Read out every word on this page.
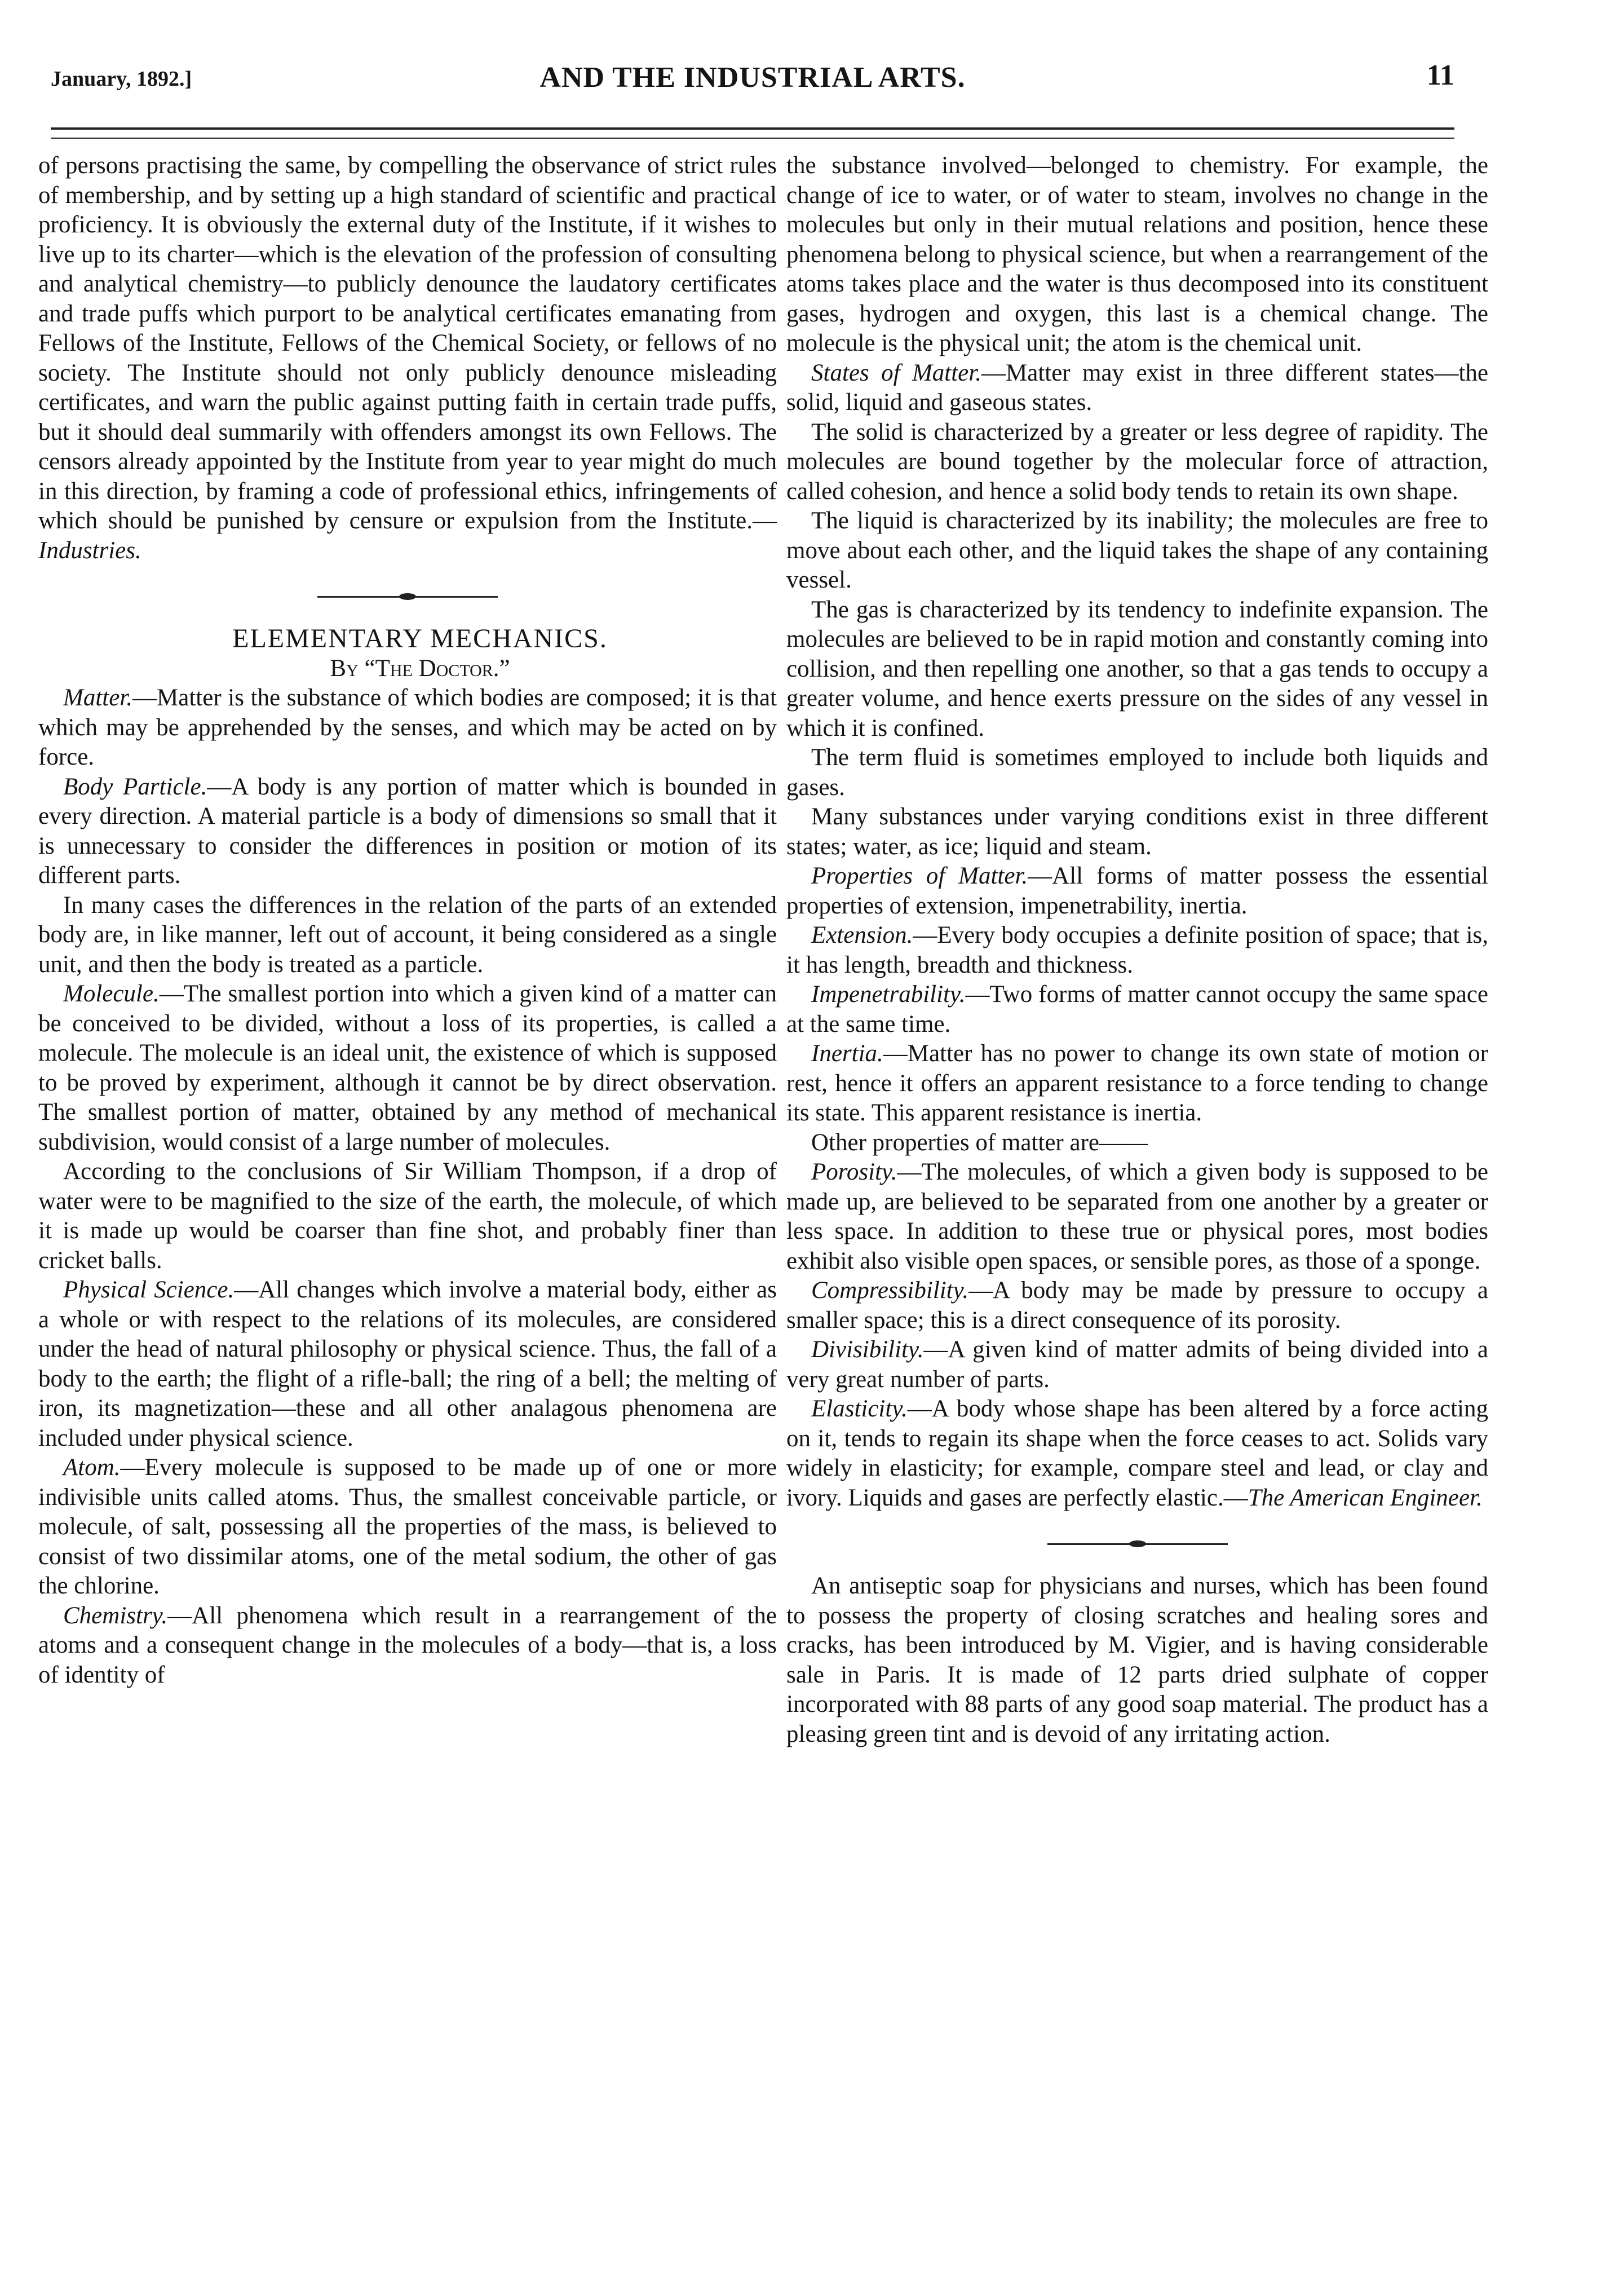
January, 1892.]	AND THE INDUSTRIAL ARTS.	11

of persons practising the same, by compelling the observance of strict rules of membership, and by setting up a high standard of scientific and practical proficiency. It is obviously the external duty of the Institute, if it wishes to live up to its charter—which is the elevation of the profession of consulting and analytical chemistry—to publicly denounce the laudatory certificates and trade puffs which purport to be analytical certificates emanating from Fellows of the Institute, Fellows of the Chemical Society, or fellows of no society. The Institute should not only publicly denounce misleading certificates, and warn the public against putting faith in certain trade puffs, but it should deal summarily with offenders amongst its own Fellows. The censors already appointed by the Institute from year to year might do much in this direction, by framing a code of professional ethics, infringements of which should be punished by censure or expulsion from the Institute.—Industries.

ELEMENTARY MECHANICS.

By “The Doctor.”

Matter.—Matter is the substance of which bodies are composed; it is that which may be apprehended by the senses, and which may be acted on by force.

Body Particle.—A body is any portion of matter which is bounded in every direction. A material particle is a body of dimensions so small that it is unnecessary to consider the differences in position or motion of its different parts.

In many cases the differences in the relation of the parts of an extended body are, in like manner, left out of account, it being considered as a single unit, and then the body is treated as a particle.

Molecule.—The smallest portion into which a given kind of a matter can be conceived to be divided, without a loss of its properties, is called a molecule. The molecule is an ideal unit, the existence of which is supposed to be proved by experiment, although it cannot be by direct observation. The smallest portion of matter, obtained by any method of mechanical subdivision, would consist of a large number of molecules.

According to the conclusions of Sir William Thompson, if a drop of water were to be magnified to the size of the earth, the molecule, of which it is made up would be coarser than fine shot, and probably finer than cricket balls.

Physical Science.—All changes which involve a material body, either as a whole or with respect to the relations of its molecules, are considered under the head of natural philosophy or physical science. Thus, the fall of a body to the earth; the flight of a rifle-ball; the ring of a bell; the melting of iron, its magnetization—these and all other analagous phenomena are included under physical science.

Atom.—Every molecule is supposed to be made up of one or more indivisible units called atoms. Thus, the smallest conceivable particle, or molecule, of salt, possessing all the properties of the mass, is believed to consist of two dissimilar atoms, one of the metal sodium, the other of gas the chlorine.

Chemistry.—All phenomena which result in a rearrangement of the atoms and a consequent change in the molecules of a body—that is, a loss of identity of

the substance involved—belonged to chemistry. For example, the change of ice to water, or of water to steam, involves no change in the molecules but only in their mutual relations and position, hence these phenomena belong to physical science, but when a rearrangement of the atoms takes place and the water is thus decomposed into its constituent gases, hydrogen and oxygen, this last is a chemical change. The molecule is the physical unit; the atom is the chemical unit.

States of Matter.—Matter may exist in three different states—the solid, liquid and gaseous states.

The solid is characterized by a greater or less degree of rapidity. The molecules are bound together by the molecular force of attraction, called cohesion, and hence a solid body tends to retain its own shape.

The liquid is characterized by its inability; the molecules are free to move about each other, and the liquid takes the shape of any containing vessel.

The gas is characterized by its tendency to indefinite expansion. The molecules are believed to be in rapid motion and constantly coming into collision, and then repelling one another, so that a gas tends to occupy a greater volume, and hence exerts pressure on the sides of any vessel in which it is confined.

The term fluid is sometimes employed to include both liquids and gases.

Many substances under varying conditions exist in three different states; water, as ice; liquid and steam.

Properties of Matter.—All forms of matter possess the essential properties of extension, impenetrability, inertia.

Extension.—Every body occupies a definite position of space; that is, it has length, breadth and thickness.

Impenetrability.—Two forms of matter cannot occupy the same space at the same time.

Inertia.—Matter has no power to change its own state of motion or rest, hence it offers an apparent resistance to a force tending to change its state. This apparent resistance is inertia.

Other properties of matter are——

Porosity.—The molecules, of which a given body is supposed to be made up, are believed to be separated from one another by a greater or less space. In addition to these true or physical pores, most bodies exhibit also visible open spaces, or sensible pores, as those of a sponge.

Compressibility.—A body may be made by pressure to occupy a smaller space; this is a direct consequence of its porosity.

Divisibility.—A given kind of matter admits of being divided into a very great number of parts.

Elasticity.—A body whose shape has been altered by a force acting on it, tends to regain its shape when the force ceases to act. Solids vary widely in elasticity; for example, compare steel and lead, or clay and ivory. Liquids and gases are perfectly elastic.—The American Engineer.

An antiseptic soap for physicians and nurses, which has been found to possess the property of closing scratches and healing sores and cracks, has been introduced by M. Vigier, and is having considerable sale in Paris. It is made of 12 parts dried sulphate of copper incorporated with 88 parts of any good soap material. The product has a pleasing green tint and is devoid of any irritating action.
